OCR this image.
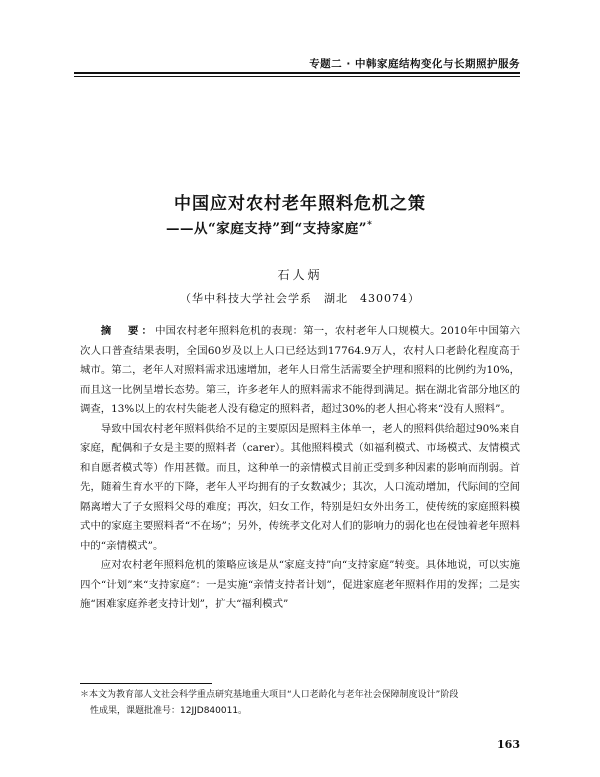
专题二 · 中韩家庭结构变化与长期照护服务
中国应对农村老年照料危机之策
——从“家庭支持”到“支持家庭”*
石人炳
（华中科技大学社会学系　湖北　430074）

摘　要：中国农村老年照料危机的表现：第一，农村老年人口规模大。2010年中国第六次人口普查结果表明，全国60岁及以上人口已经达到17764.9万人，农村人口老龄化程度高于城市。第二，老年人对照料需求迅速增加，老年人日常生活需要全护理和照料的比例约为10%，而且这一比例呈增长态势。第三，许多老年人的照料需求不能得到满足。据在湖北省部分地区的调查，13%以上的农村失能老人没有稳定的照料者，超过30%的老人担心将来“没有人照料”。

导致中国农村老年照料供给不足的主要原因是照料主体单一，老人的照料供给超过90%来自家庭，配偶和子女是主要的照料者（carer）。其他照料模式（如福利模式、市场模式、友情模式和自愿者模式等）作用甚微。而且，这种单一的亲情模式目前正受到多种因素的影响而削弱。首先，随着生育水平的下降，老年人平均拥有的子女数减少；其次，人口流动增加，代际间的空间隔离增大了子女照料父母的难度；再次，妇女工作，特别是妇女外出务工，使传统的家庭照料模式中的家庭主要照料者“不在场”；另外，传统孝文化对人们的影响力的弱化也在侵蚀着老年照料中的“亲情模式”。

应对农村老年照料危机的策略应该是从“家庭支持”向“支持家庭”转变。具体地说，可以实施四个“计划”来“支持家庭”：一是实施“亲情支持者计划”，促进家庭老年照料作用的发挥；二是实施“困难家庭养老支持计划”，扩大“福利模式”

＊本文为教育部人文社会科学重点研究基地重大项目“人口老龄化与老年社会保障制度设计”阶段
性成果，课题批准号：12JJD840011。
163
